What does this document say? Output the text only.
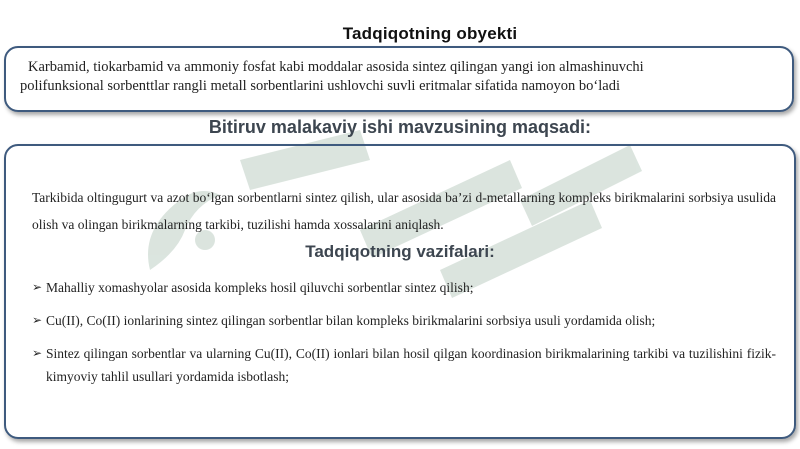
Tadqiqotning obyekti
Karbamid, tiokarbamid va ammoniy fosfat kabi moddalar asosida sintez qilingan yangi ion almashinuvchi
polifunksional sorbenttlar rangli metall sorbentlarini ushlovchi suvli eritmalar sifatida namoyon bo‘ladi
Bitiruv malakaviy ishi mavzusining maqsadi:
Tarkibida oltingugurt va azot bo‘lgan sorbentlarni sintez qilish, ular asosida ba’zi d-metallarning kompleks birikmalarini sorbsiya usulida olish va olingan birikmalarning tarkibi, tuzilishi hamda xossalarini aniqlash.
Tadqiqotning vazifalari:
➢ Mahalliy xomashyolar asosida kompleks hosil qiluvchi sorbentlar sintez qilish;
➢ Cu(II), Co(II) ionlarining sintez qilingan sorbentlar bilan kompleks birikmalarini sorbsiya usuli yordamida olish;
➢ Sintez qilingan sorbentlar va ularning Cu(II), Co(II) ionlari bilan hosil qilgan koordinasion birikmalarining tarkibi va tuzilishini fizik-kimyoviy tahlil usullari yordamida isbotlash;
